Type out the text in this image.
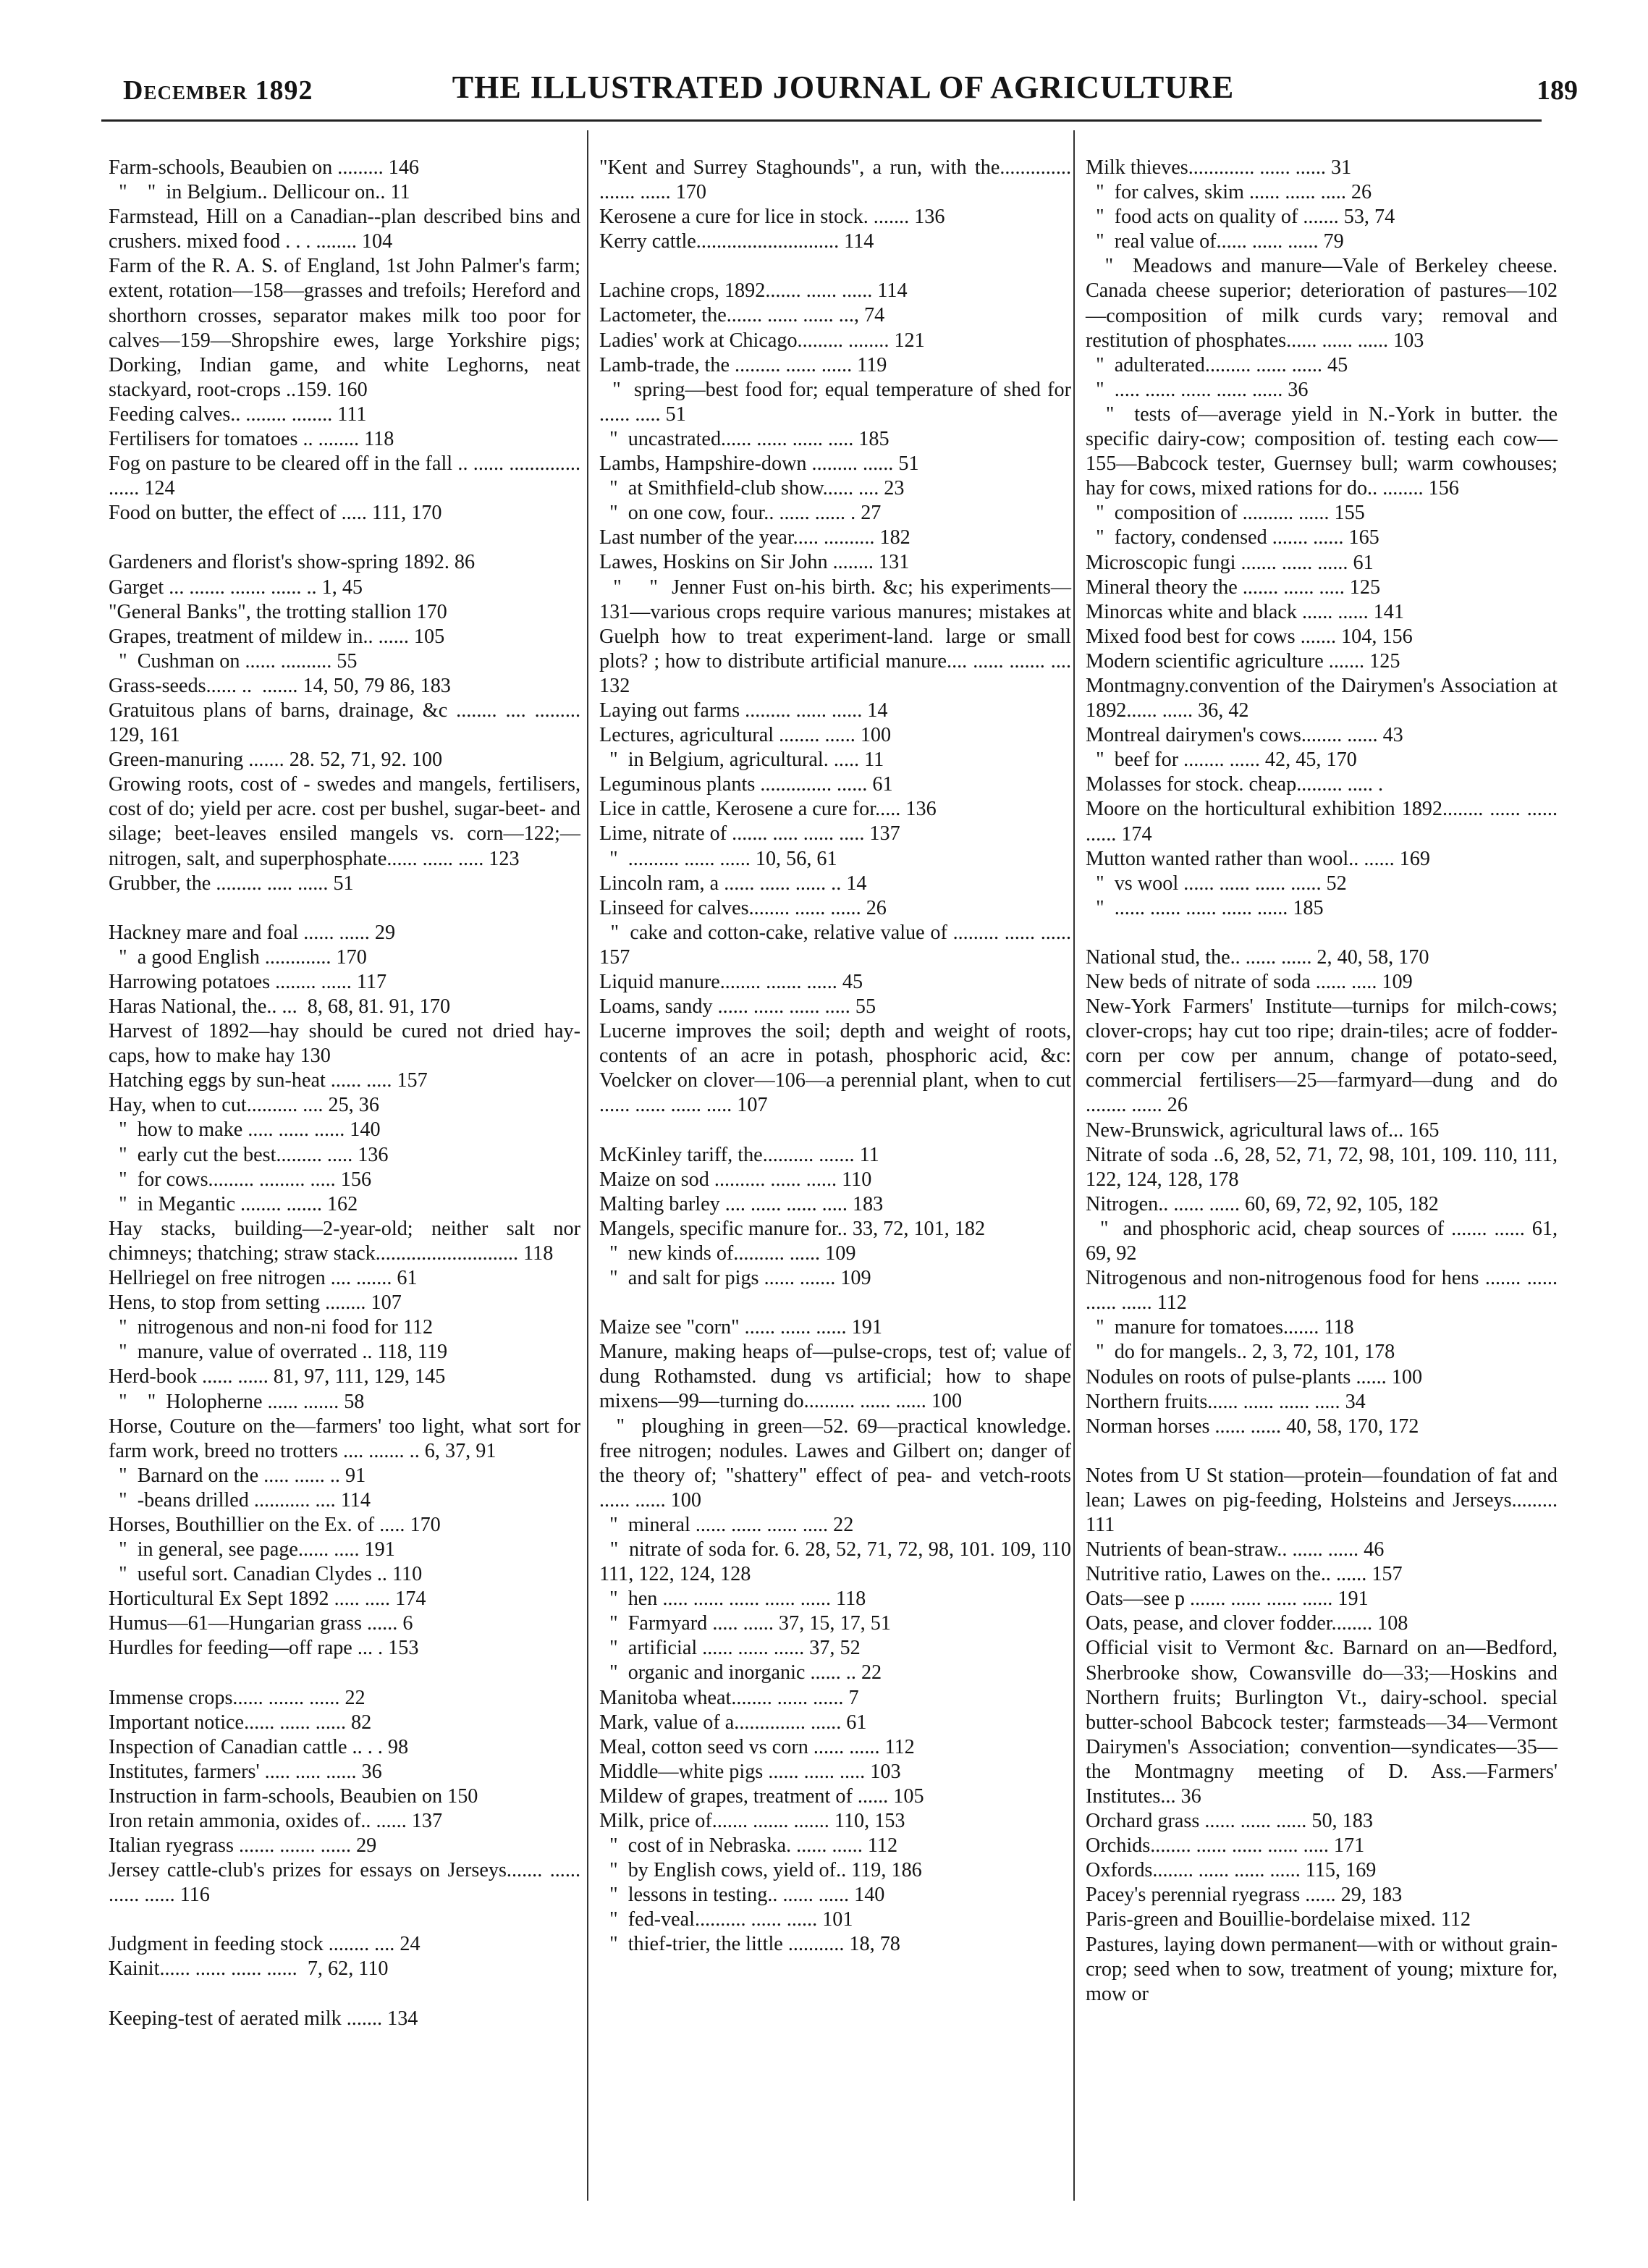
December 1892	THE ILLUSTRATED JOURNAL OF AGRICULTURE	189
Farm-schools, Beaubien on ......... 146
"    "  in Belgium.. Dellicour on.. 11
Farmstead, Hill on a Canadian--plan described bins and crushers. mixed food . . . ........ 104
Farm of the R. A. S. of England, 1st John Palmer's farm; extent, rotation—158—grasses and trefoils; Hereford and shorthorn crosses, separator makes milk too poor for calves—159—Shropshire ewes, large Yorkshire pigs; Dorking, Indian game, and white Leghorns, neat stackyard, root-crops ..159. 160
Feeding calves.. ........ ........ 111
Fertilisers for tomatoes .. ........ 118
Fog on pasture to be cleared off in the fall .. ...... .............. ...... 124
Food on butter, the effect of ..... 111, 170
Gardeners and florist's show-spring 1892. 86
Garget ... ....... ....... ...... .. 1, 45
"General Banks", the trotting stallion 170
Grapes, treatment of mildew in.. ...... 105
"  Cushman on ...... .......... 55
Grass-seeds...... ..  ....... 14, 50, 79 86, 183
Gratuitous plans of barns, drainage, &c ........ .... ......... 129, 161
Green-manuring ....... 28. 52, 71, 92. 100
Growing roots, cost of - swedes and mangels, fertilisers, cost of do; yield per acre. cost per bushel, sugar-beet- and silage; beet-leaves ensiled mangels vs. corn—122;—nitrogen, salt, and superphosphate...... ...... ..... 123
Grubber, the ......... ..... ...... 51
Hackney mare and foal ...... ...... 29
"  a good English ............. 170
Harrowing potatoes ........ ...... 117
Haras National, the.. ...  8, 68, 81. 91, 170
Harvest of 1892—hay should be cured not dried hay-caps, how to make hay 130
Hatching eggs by sun-heat ...... ..... 157
Hay, when to cut.......... .... 25, 36
"  how to make ..... ...... ...... 140
"  early cut the best......... ..... 136
"  for cows......... ......... ..... 156
"  in Megantic ........ ....... 162
Hay stacks, building—2-year-old; neither salt nor chimneys; thatching; straw stack............................ 118
Hellriegel on free nitrogen .... ....... 61
Hens, to stop from setting ........ 107
"  nitrogenous and non-ni food for 112
"  manure, value of overrated .. 118, 119
Herd-book ...... ...... 81, 97, 111, 129, 145
"    "  Holopherne ...... ....... 58
Horse, Couture on the—farmers' too light, what sort for farm work, breed no trotters .... ....... .. 6, 37, 91
"  Barnard on the ..... ...... .. 91
"  -beans drilled ........... .... 114
Horses, Bouthillier on the Ex. of ..... 170
"  in general, see page...... ..... 191
"  useful sort. Canadian Clydes .. 110
Horticultural Ex Sept 1892 ..... ..... 174
Humus—61—Hungarian grass ...... 6
Hurdles for feeding—off rape ... . 153
Immense crops...... ....... ...... 22
Important notice...... ...... ...... 82
Inspection of Canadian cattle .. . . 98
Institutes, farmers' ..... ..... ...... 36
Instruction in farm-schools, Beaubien on 150
Iron retain ammonia, oxides of.. ...... 137
Italian ryegrass ....... ....... ...... 29
Jersey cattle-club's prizes for essays on Jerseys....... ...... ...... ...... 116
Judgment in feeding stock ........ .... 24
Kainit...... ...... ...... ......  7, 62, 110
Keeping-test of aerated milk ....... 134
"Kent and Surrey Staghounds", a run, with the.............. ....... ...... 170
Kerosene a cure for lice in stock. ....... 136
Kerry cattle............................ 114
Lachine crops, 1892....... ...... ...... 114
Lactometer, the....... ...... ...... ..., 74
Ladies' work at Chicago......... ........ 121
Lamb-trade, the ......... ...... ...... 119
"  spring—best food for; equal temperature of shed for ...... ..... 51
"  uncastrated...... ...... ...... ..... 185
Lambs, Hampshire-down ......... ...... 51
"  at Smithfield-club show...... .... 23
"  on one cow, four.. ...... ...... . 27
Last number of the year..... .......... 182
Lawes, Hoskins on Sir John ........ 131
"    "  Jenner Fust on-his birth. &c; his experiments—131—various crops require various manures; mistakes at Guelph how to treat experiment-land. large or small plots? ; how to distribute artificial manure.... ...... ....... ....  132
Laying out farms ......... ...... ...... 14
Lectures, agricultural ........ ...... 100
"  in Belgium, agricultural. ..... 11
Leguminous plants .............. ...... 61
Lice in cattle, Kerosene a cure for..... 136
Lime, nitrate of ....... ..... ...... ..... 137
"  .......... ...... ...... 10, 56, 61
Lincoln ram, a ...... ...... ...... .. 14
Linseed for calves........ ...... ...... 26
"  cake and cotton-cake, relative value of ......... ...... ...... 157
Liquid manure........ ....... ...... 45
Loams, sandy ...... ...... ...... ..... 55
Lucerne improves the soil; depth and weight of roots, contents of an acre in potash, phosphoric acid, &c: Voelcker on clover—106—a perennial plant, when to cut ...... ...... ...... ..... 107
McKinley tariff, the.......... ....... 11
Maize on sod .......... ...... ...... 110
Malting barley .... ...... ...... ..... 183
Mangels, specific manure for.. 33, 72, 101, 182
"  new kinds of.......... ...... 109
"  and salt for pigs ...... ....... 109
Maize see "corn" ...... ...... ...... 191
Manure, making heaps of—pulse-crops, test of; value of dung Rothamsted. dung vs artificial; how to shape mixens—99—turning do.......... ...... ...... 100
"  ploughing in green—52. 69—practical knowledge. free nitrogen; nodules. Lawes and Gilbert on; danger of the theory of; "shattery" effect of pea- and vetch-roots ...... ...... 100
"  mineral ...... ...... ...... ..... 22
"  nitrate of soda for. 6. 28, 52, 71, 72, 98, 101. 109, 110 111, 122, 124, 128
"  hen ..... ...... ...... ...... ...... 118
"  Farmyard ..... ...... 37, 15, 17, 51
"  artificial ...... ...... ...... 37, 52
"  organic and inorganic ...... .. 22
Manitoba wheat........ ...... ...... 7
Mark, value of a.............. ...... 61
Meal, cotton seed vs corn ...... ...... 112
Middle—white pigs ...... ...... ..... 103
Mildew of grapes, treatment of ...... 105
Milk, price of....... ....... ....... 110, 153
"  cost of in Nebraska. ...... ...... 112
"  by English cows, yield of.. 119, 186
"  lessons in testing.. ...... ...... 140
"  fed-veal.......... ...... ...... 101
"  thief-trier, the little ........... 18, 78
Milk thieves............. ...... ...... 31
"  for calves, skim ...... ...... ..... 26
"  food acts on quality of ....... 53, 74
"  real value of...... ...... ...... 79
"  Meadows and manure—Vale of Berkeley cheese. Canada cheese superior; deterioration of pastures—102—composition of milk curds vary; removal and restitution of phosphates...... ...... ...... 103
"  adulterated......... ...... ...... 45
"  ..... ...... ...... ...... ...... 36
"  tests of—average yield in N.-York in butter. the specific dairy-cow; composition of. testing each cow—155—Babcock tester, Guernsey bull; warm cowhouses; hay for cows, mixed rations for do.. ........ 156
"  composition of .......... ...... 155
"  factory, condensed ....... ...... 165
Microscopic fungi ....... ...... ...... 61
Mineral theory the ....... ...... ..... 125
Minorcas white and black ...... ...... 141
Mixed food best for cows ....... 104, 156
Modern scientific agriculture ....... 125
Montmagny.convention of the Dairymen's Association at 1892...... ...... 36, 42
Montreal dairymen's cows........ ...... 43
"  beef for ........ ...... 42, 45, 170
Molasses for stock. cheap......... ..... .
Moore on the horticultural exhibition 1892........ ...... ...... ...... 174
Mutton wanted rather than wool.. ...... 169
"  vs wool ...... ...... ...... ...... 52
"  ...... ...... ...... ...... ...... 185
National stud, the.. ...... ...... 2, 40, 58, 170
New beds of nitrate of soda ...... ..... 109
New-York Farmers' Institute—turnips for milch-cows; clover-crops; hay cut too ripe; drain-tiles; acre of fodder-corn per cow per annum, change of potato-seed, commercial fertilisers—25—farmyard—dung and do ........ ...... 26
New-Brunswick, agricultural laws of... 165
Nitrate of soda ..6, 28, 52, 71, 72, 98, 101, 109. 110, 111, 122, 124, 128, 178
Nitrogen.. ...... ...... 60, 69, 72, 92, 105, 182
"  and phosphoric acid, cheap sources of ....... ...... 61, 69, 92
Nitrogenous and non-nitrogenous food for hens ....... ...... ...... ...... 112
"  manure for tomatoes....... 118
"  do for mangels.. 2, 3, 72, 101, 178
Nodules on roots of pulse-plants ...... 100
Northern fruits...... ...... ...... ..... 34
Norman horses ...... ...... 40, 58, 170, 172
Notes from U St station—protein—foundation of fat and lean; Lawes on pig-feeding, Holsteins and Jerseys......... 111
Nutrients of bean-straw.. ...... ...... 46
Nutritive ratio, Lawes on the.. ...... 157
Oats—see p ....... ...... ...... ...... 191
Oats, pease, and clover fodder........ 108
Official visit to Vermont &c. Barnard on an—Bedford, Sherbrooke show, Cowansville do—33;—Hoskins and Northern fruits; Burlington Vt., dairy-school. special butter-school Babcock tester; farmsteads—34—Vermont Dairymen's Association; convention—syndicates—35—the Montmagny meeting of D. Ass.—Farmers' Institutes... 36
Orchard grass ...... ...... ...... 50, 183
Orchids........ ...... ...... ...... ..... 171
Oxfords........ ...... ...... ...... 115, 169
Pacey's perennial ryegrass ...... 29, 183
Paris-green and Bouillie-bordelaise mixed. 112
Pastures, laying down permanent—with or without grain-crop; seed when to sow, treatment of young; mixture for, mow or
